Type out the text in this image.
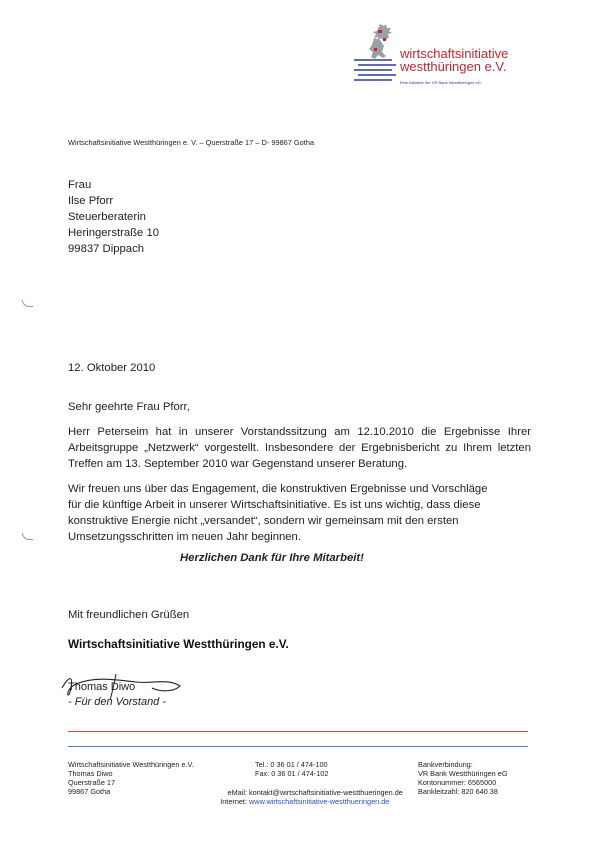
wirtschaftsinitiative
westthüringen e.V.
Eine Initiative der VR Bank Westthüringen eG
Wirtschaftsinitiative Westthüringen e. V. – Querstraße 17 – D- 99867 Gotha
Frau
Ilse Pforr
Steuerberaterin
Heringerstraße 10
99837 Dippach
12. Oktober 2010
Sehr geehrte Frau Pforr,
Herr Peterseim hat in unserer Vorstandssitzung am 12.10.2010 die Ergebnisse Ihrer Arbeitsgruppe „Netzwerk“ vorgestellt. Insbesondere der Ergebnisbericht zu Ihrem letzten Treffen am 13. September 2010 war Gegenstand unserer Beratung.
Wir freuen uns über das Engagement, die konstruktiven Ergebnisse und Vorschläge
für die künftige Arbeit in unserer Wirtschaftsinitiative. Es ist uns wichtig, dass diese
konstruktive Energie nicht „versandet“, sondern wir gemeinsam mit den ersten
Umsetzungsschritten im neuen Jahr beginnen.
Herzlichen Dank für Ihre Mitarbeit!
Mit freundlichen Grüßen
Wirtschaftsinitiative Westthüringen e.V.
Thomas Diwo
- Für den Vorstand -
Wirtschaftsinitiative Westthüringen e.V.
Thomas Diwo
Querstraße 17
99867 Gotha
Tel.: 0 36 01 / 474-100
Fax: 0 36 01 / 474-102
Bankverbindung:
VR Bank Westthüringen eG
Kontonummer: 6565000
Bankleitzahl: 820 640 38
eMail: kontakt@wirtschaftsinitiative-westthueringen.de
Internet: www.wirtschaftsinitiative-westthueringen.de
